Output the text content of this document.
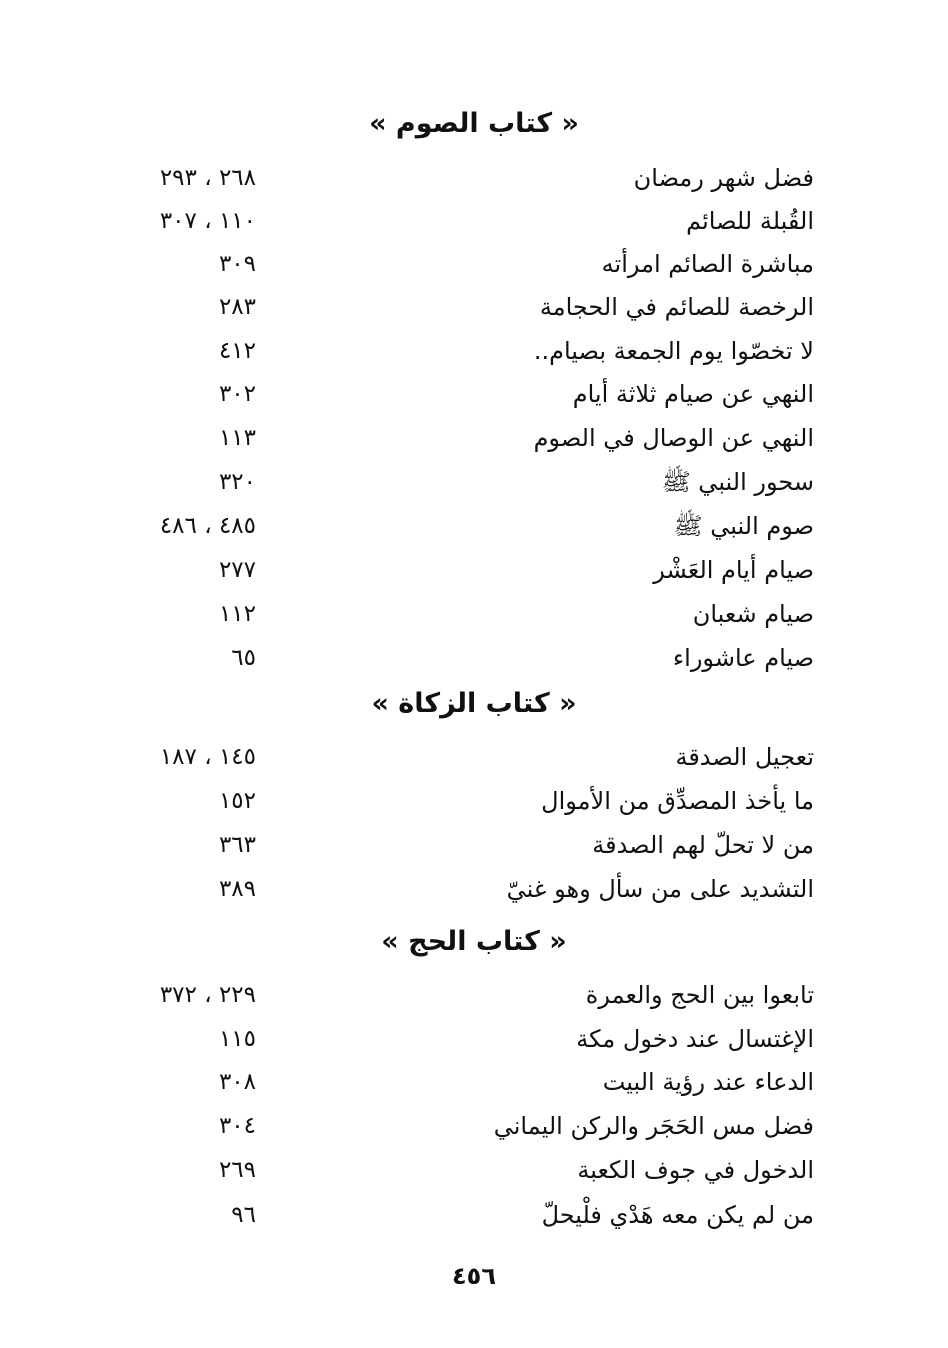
« كتاب الصوم »
فضل شهر رمضان
٢٦٨ ، ٢٩٣
القُبلة للصائم
١١٠ ، ٣٠٧
مباشرة الصائم امرأته
٣٠٩
الرخصة للصائم في الحجامة
٢٨٣
لا تخصّوا يوم الجمعة بصيام..
٤١٢
النهي عن صيام ثلاثة أيام
٣٠٢
النهي عن الوصال في الصوم
١١٣
سحور النبي ﷺ
٣٢٠
صوم النبي ﷺ
٤٨٥ ، ٤٨٦
صيام أيام العَشْر
٢٧٧
صيام شعبان
١١٢
صيام عاشوراء
٦٥
« كتاب الزكاة »
تعجيل الصدقة
١٤٥ ، ١٨٧
ما يأخذ المصدِّق من الأموال
١٥٢
من لا تحلّ لهم الصدقة
٣٦٣
التشديد على من سأل وهو غنيّ
٣٨٩
« كتاب الحج »
تابعوا بين الحج والعمرة
٢٢٩ ، ٣٧٢
الإغتسال عند دخول مكة
١١٥
الدعاء عند رؤية البيت
٣٠٨
فضل مس الحَجَر والركن اليماني
٣٠٤
الدخول في جوف الكعبة
٢٦٩
من لم يكن معه هَدْي فلْيحلّ
٩٦
٤٥٦
